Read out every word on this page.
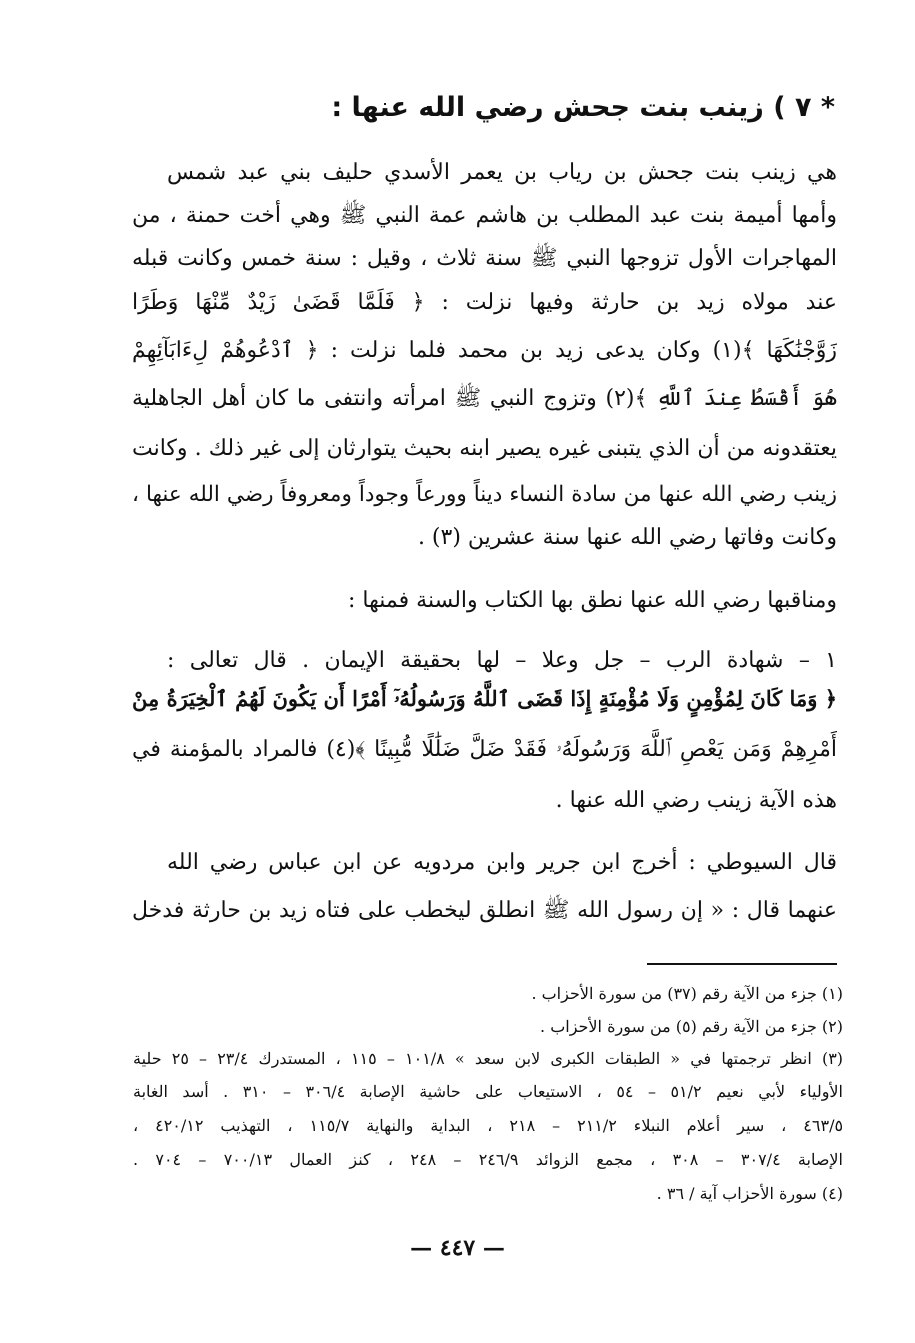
* ٧ ) زينب بنت جحش رضي الله عنها :
هي زينب بنت جحش بن رياب بن يعمر الأسدي حليف بني عبد شمس
وأمها أميمة بنت عبد المطلب بن هاشم عمة النبي ﷺ وهي أخت حمنة ، من
المهاجرات الأول تزوجها النبي ﷺ سنة ثلاث ، وقيل : سنة خمس وكانت قبله
عند مولاه زيد بن حارثة وفيها نزلت : ﴿ فَلَمَّا قَضَىٰ زَيْدٌ مِّنْهَا وَطَرًا
زَوَّجْنَٰكَهَا ﴾(١) وكان يدعى زيد بن محمد فلما نزلت : ﴿ ٱدْعُوهُمْ لِءَابَآئِهِمْ
هُوَ أَقْسَطُ عِندَ ٱللَّهِ ﴾(٢) وتزوج النبي ﷺ امرأته وانتفى ما كان أهل الجاهلية
يعتقدونه من أن الذي يتبنى غيره يصير ابنه بحيث يتوارثان إلى غير ذلك . وكانت
زينب رضي الله عنها من سادة النساء ديناً وورعاً وجوداً ومعروفاً رضي الله عنها ،
وكانت وفاتها رضي الله عنها سنة عشرين (٣) .
ومناقبها رضي الله عنها نطق بها الكتاب والسنة فمنها :
١ – شهادة الرب – جل وعلا – لها بحقيقة الإيمان . قال تعالى :
﴿ وَمَا كَانَ لِمُؤْمِنٍ وَلَا مُؤْمِنَةٍ إِذَا قَضَى ٱللَّهُ وَرَسُولُهُۥٓ أَمْرًا أَن يَكُونَ لَهُمُ ٱلْخِيَرَةُ مِنْ
أَمْرِهِمْ وَمَن يَعْصِ ٱللَّهَ وَرَسُولَهُۥ فَقَدْ ضَلَّ ضَلَٰلًا مُّبِينًا ﴾(٤) فالمراد بالمؤمنة في
هذه الآية زينب رضي الله عنها .
قال السيوطي : أخرج ابن جرير وابن مردويه عن ابن عباس رضي الله
عنهما قال : « إن رسول الله ﷺ انطلق ليخطب على فتاه زيد بن حارثة فدخل
(١) جزء من الآية رقم (٣٧) من سورة الأحزاب .
(٢) جزء من الآية رقم (٥) من سورة الأحزاب .
(٣) انظر ترجمتها في « الطبقات الكبرى لابن سعد » ١٠١/٨ – ١١٥ ، المستدرك ٢٣/٤ – ٢٥ حلية
الأولياء لأبي نعيم ٥١/٢ – ٥٤ ، الاستيعاب على حاشية الإصابة ٣٠٦/٤ – ٣١٠ . أسد الغابة
٤٦٣/٥ ، سير أعلام النبلاء ٢١١/٢ – ٢١٨ ، البداية والنهاية ١١٥/٧ ، التهذيب ٤٢٠/١٢ ،
الإصابة ٣٠٧/٤ – ٣٠٨ ، مجمع الزوائد ٢٤٦/٩ – ٢٤٨ ، كنز العمال ٧٠٠/١٣ – ٧٠٤ .
(٤) سورة الأحزاب آية / ٣٦ .
— ٤٤٧ —
